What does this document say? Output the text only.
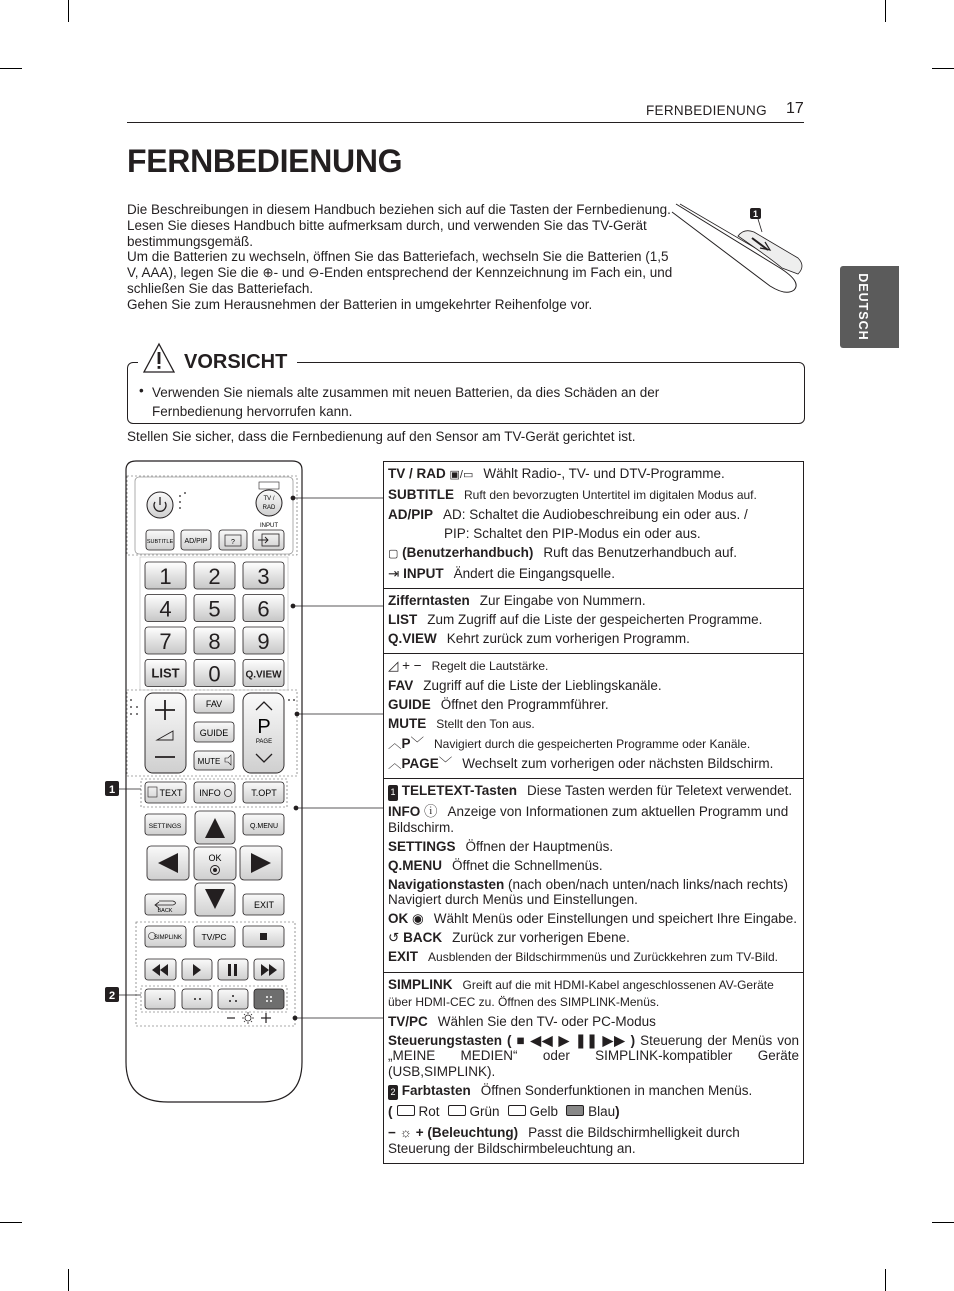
FERNBEDIENUNG 17
FERNBEDIENUNG

Die Beschreibungen in diesem Handbuch beziehen sich auf die Tasten der Fernbedienung.

Lesen Sie dieses Handbuch bitte aufmerksam durch, und verwenden Sie das TV-Gerät bestimmungsgemäß.

Um die Batterien zu wechseln, öffnen Sie das Batteriefach, wechseln Sie die Batterien (1,5 V, AAA), legen Sie die ⊕- und ⊖-Enden entsprechend der Kennzeichnung im Fach ein, und schließen Sie das Batteriefach.

Gehen Sie zum Herausnehmen der Batterien in umgekehrter Reihenfolge vor.

1
DEUTSCH
VORSICHT
• Verwenden Sie niemals alte zusammen mit neuen Batterien, da dies Schäden an der Fernbedienung hervorrufen kann.
Stellen Sie sicher, dass die Fernbedienung auf den Sensor am TV-Gerät gerichtet ist.
TV /
RAD
SUBTITLE AD/PIP	?
INPUT
1 2 3
4 5 6
7 8 9
LIST 0 Q.VIEW
P
PAGE
FAV
GUIDE
MUTE
TEXT INFO	T.OPT
SETTINGS	Q.MENU
OK
BACK
EXIT
SIMPLINK TV/PC
1
2
TV / RAD ▣/▭ Wählt Radio-, TV- und DTV-Programme.
SUBTITLE Ruft den bevorzugten Untertitel im digitalen Modus auf.
AD/PIP AD: Schaltet die Audiobeschreibung ein oder aus. /
PIP: Schaltet den PIP-Modus ein oder aus.
▢ (Benutzerhandbuch) Ruft das Benutzerhandbuch auf.
⇥ INPUT Ändert die Eingangsquelle.
Zifferntasten Zur Eingabe von Nummern.
LIST Zum Zugriff auf die Liste der gespeicherten Programme.
Q.VIEW Kehrt zurück zum vorherigen Programm.
◿ + − Regelt die Lautstärke.
FAV Zugriff auf die Liste der Lieblingskanäle.
GUIDE Öffnet den Programmführer.
MUTE Stellt den Ton aus.
︿P﹀ Navigiert durch die gespeicherten Programme oder Kanäle.
︿PAGE﹀ Wechselt zum vorherigen oder nächsten Bildschirm.
1 TELETEXT-Tasten Diese Tasten werden für Teletext verwendet.
INFO ⓘ Anzeige von Informationen zum aktuellen Programm und Bildschirm.
SETTINGS Öffnen der Hauptmenüs.
Q.MENU Öffnet die Schnellmenüs.
Navigationstasten (nach oben/nach unten/nach links/nach rechts) Navigiert durch Menüs und Einstellungen.
OK ◉ Wählt Menüs oder Einstellungen und speichert Ihre Eingabe.
↺ BACK Zurück zur vorherigen Ebene.
EXIT Ausblenden der Bildschirmmenüs und Zurückkehren zum TV-Bild.
SIMPLINK Greift auf die mit HDMI-Kabel angeschlossenen AV-Geräte über HDMI-CEC zu. Öffnen des SIMPLINK-Menüs.
TV/PC Wählen Sie den TV- oder PC-Modus
Steuerungstasten ( ■ ◀◀ ▶ ❚❚ ▶▶ ) Steuerung der Menüs von „MEINE MEDIEN“ oder SIMPLINK-kompatibler Geräte (USB,SIMPLINK).
2 Farbtasten Öffnen Sonderfunktionen in manchen Menüs.
( Rot Grün Gelb Blau)
− ☼ + (Beleuchtung) Passt die Bildschirmhelligkeit durch Steuerung der Bildschirmbeleuchtung an.
